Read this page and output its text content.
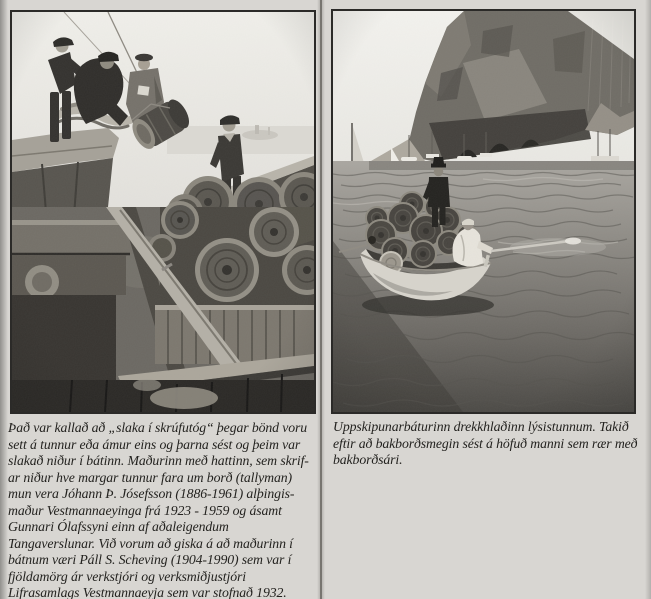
Það var kallað að „slaka í skrúfutóg“ þegar bönd voru
sett á tunnur eða ámur eins og þarna sést og þeim var
slakað niður í bátinn. Maðurinn með hattinn, sem skrif-
ar niður hve margar tunnur fara um borð (tallyman)
mun vera Jóhann Þ. Jósefsson (1886-1961) alþingis-
maður Vestmannaeyinga frá 1923 - 1959 og ásamt
Gunnari Ólafssyni einn af aðaleigendum
Tangaverslunar. Við vorum að giska á að maðurinn í
bátnum væri Páll S. Scheving (1904-1990) sem var í
fjöldamörg ár verkstjóri og verksmiðjustjóri
Lifrasamlags Vestmannaeyja sem var stofnað 1932.
Uppskipunarbáturinn drekkhlaðinn lýsistunnum. Takið
eftir að bakborðsmegin sést á höfuð manni sem rær með
bakborðsári.
